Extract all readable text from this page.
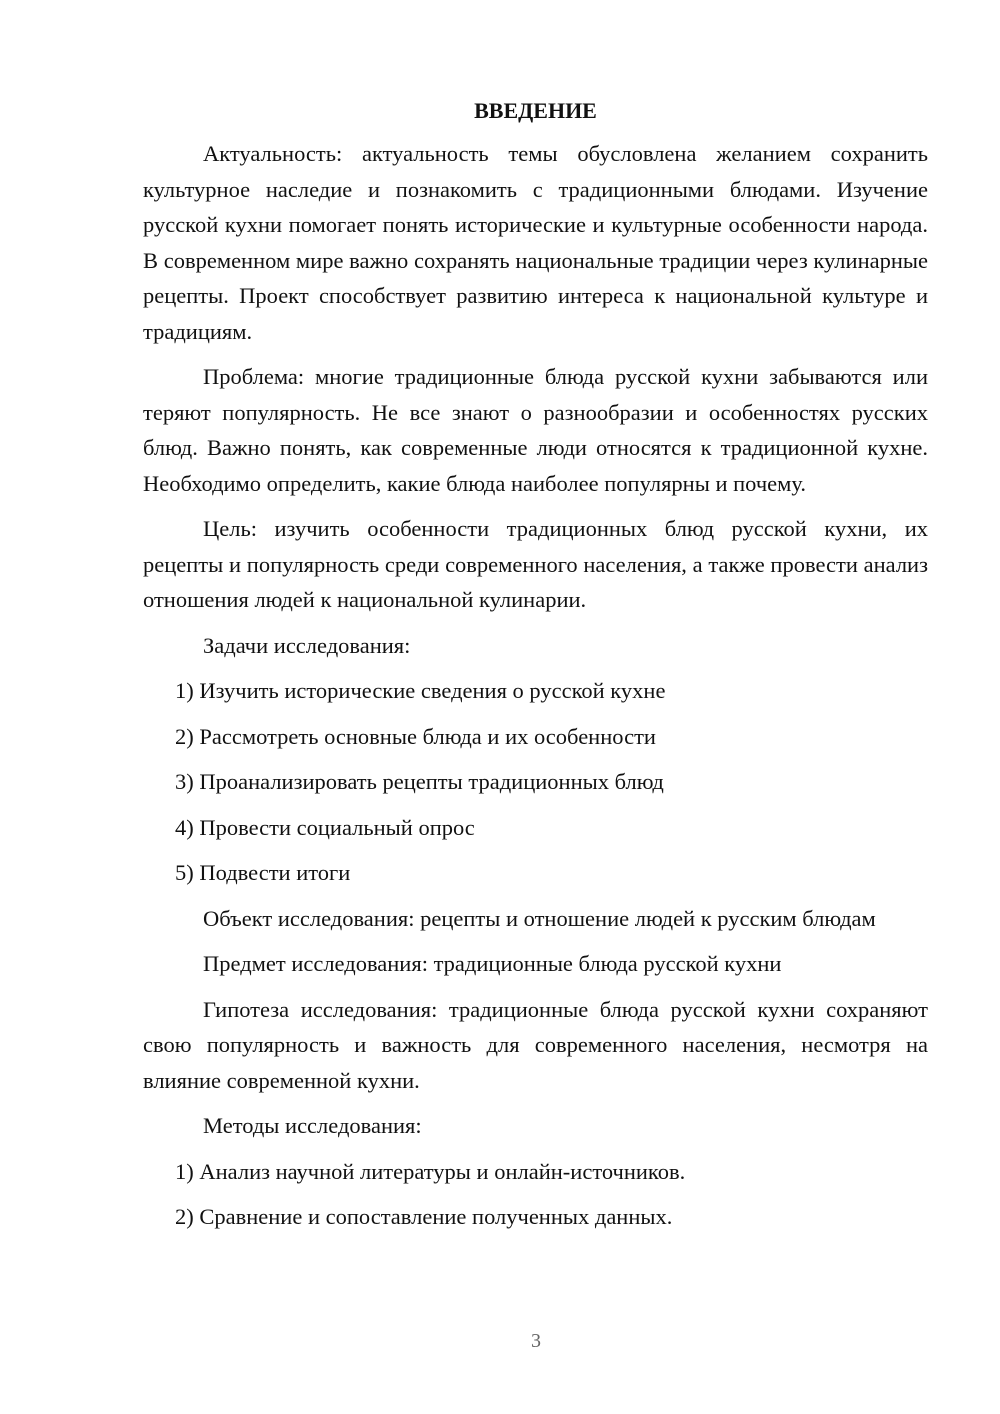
ВВЕДЕНИЕ

Актуальность: актуальность темы обусловлена желанием сохранить культурное наследие и познакомить с традиционными блюдами. Изучение русской кухни помогает понять исторические и культурные особенности народа. В современном мире важно сохранять национальные традиции через кулинарные рецепты. Проект способствует развитию интереса к национальной культуре и традициям.

Проблема: многие традиционные блюда русской кухни забываются или теряют популярность. Не все знают о разнообразии и особенностях русских блюд. Важно понять, как современные люди относятся к традиционной кухне. Необходимо определить, какие блюда наиболее популярны и почему.

Цель: изучить особенности традиционных блюд русской кухни, их рецепты и популярность среди современного населения, а также провести анализ отношения людей к национальной кулинарии.

Задачи исследования:

1) Изучить исторические сведения о русской кухне
2) Рассмотреть основные блюда и их особенности
3) Проанализировать рецепты традиционных блюд
4) Провести социальный опрос
5) Подвести итоги

Объект исследования: рецепты и отношение людей к русским блюдам

Предмет исследования: традиционные блюда русской кухни

Гипотеза исследования: традиционные блюда русской кухни сохраняют свою популярность и важность для современного населения, несмотря на влияние современной кухни.

Методы исследования:

1) Анализ научной литературы и онлайн-источников.
2) Сравнение и сопоставление полученных данных.
3
